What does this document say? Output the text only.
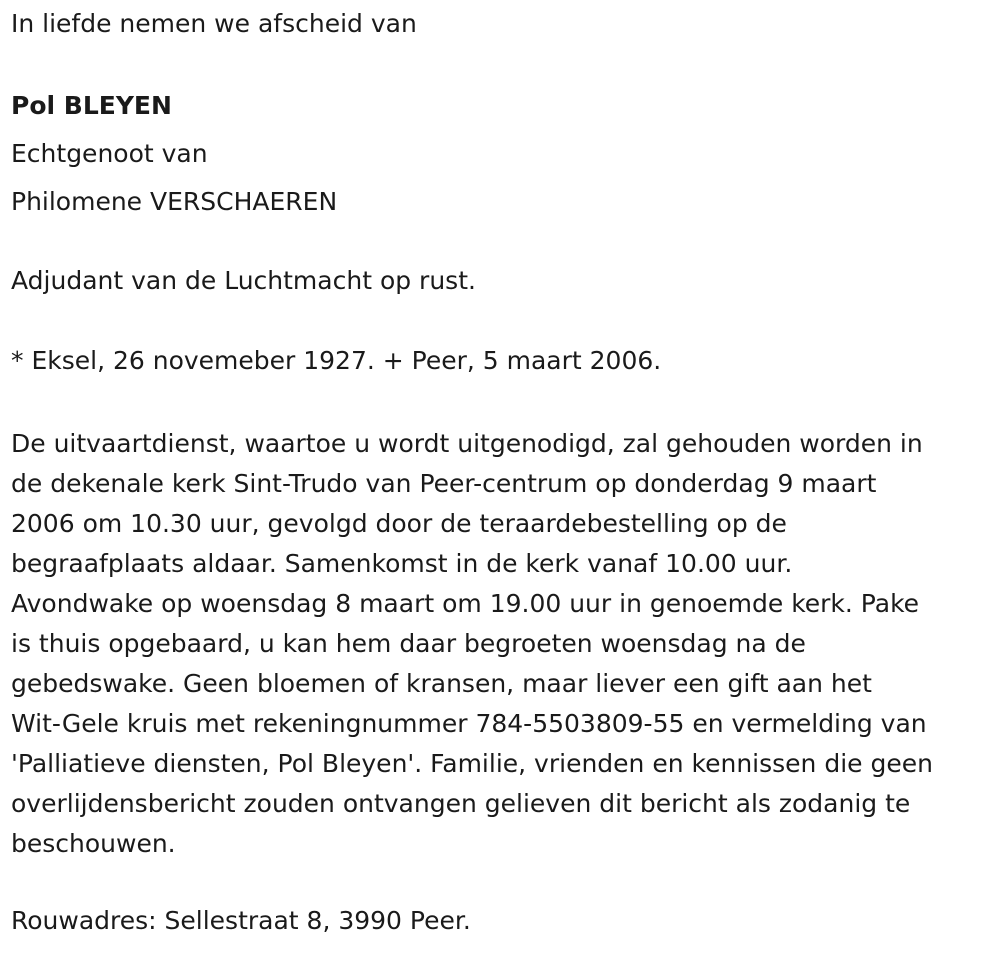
In liefde nemen we afscheid van
Pol BLEYEN
Echtgenoot van
Philomene VERSCHAEREN
Adjudant van de Luchtmacht op rust.
* Eksel, 26 novemeber 1927. + Peer, 5 maart 2006.
De uitvaartdienst, waartoe u wordt uitgenodigd, zal gehouden worden in
de dekenale kerk Sint-Trudo van Peer-centrum op donderdag 9 maart
2006 om 10.30 uur, gevolgd door de teraardebestelling op de
begraafplaats aldaar. Samenkomst in de kerk vanaf 10.00 uur.
Avondwake op woensdag 8 maart om 19.00 uur in genoemde kerk. Pake
is thuis opgebaard, u kan hem daar begroeten woensdag na de
gebedswake. Geen bloemen of kransen, maar liever een gift aan het
Wit-Gele kruis met rekeningnummer 784-5503809-55 en vermelding van
'Palliatieve diensten, Pol Bleyen'. Familie, vrienden en kennissen die geen
overlijdensbericht zouden ontvangen gelieven dit bericht als zodanig te
beschouwen.
Rouwadres: Sellestraat 8, 3990 Peer.
